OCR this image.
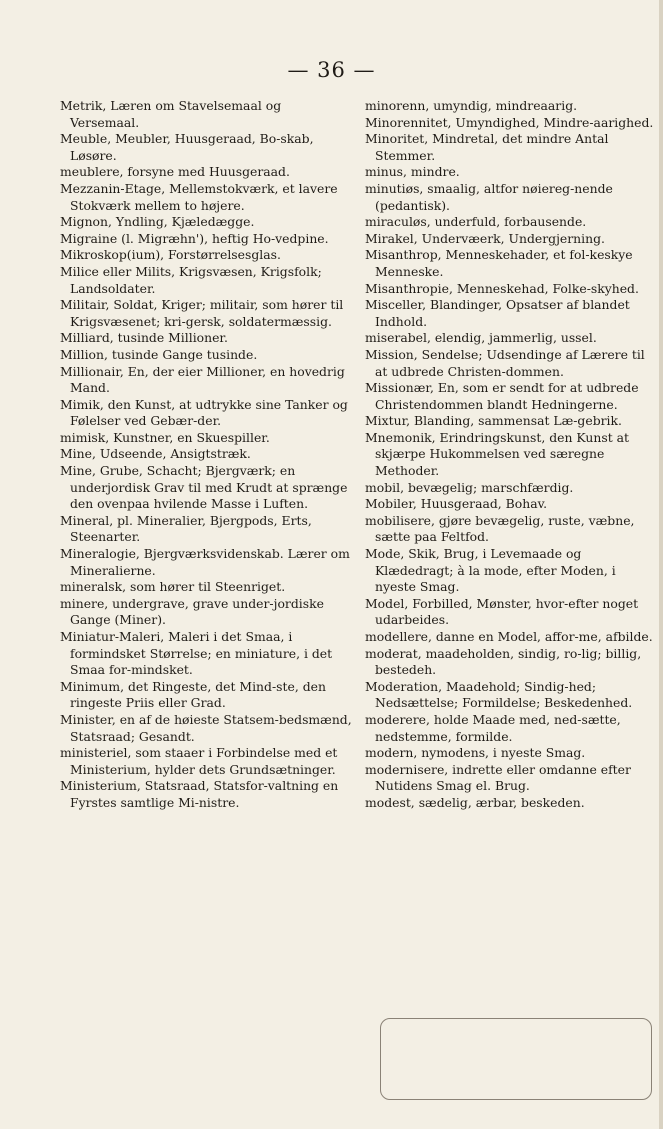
— 36 —

Metrik, Læren om Stavelsemaal og Versemaal.

Meuble, Meubler, Huusgeraad, Bo-skab, Løsøre.

meublere, forsyne med Huusgeraad.

Mezzanin-Etage, Mellemstokværk, et lavere Stokværk mellem to højere.

Mignon, Yndling, Kjæledægge.

Migraine (l. Migræhn'), heftig Ho-vedpine.

Mikroskop(ium), Forstørrelsesglas.

Milice eller Milits, Krigsvæsen, Krigsfolk; Landsoldater.

Militair, Soldat, Kriger; militair, som hører til Krigsvæsenet; kri-gersk, soldatermæssig.

Milliard, tusinde Millioner.

Million, tusinde Gange tusinde.

Millionair, En, der eier Millioner, en hovedrig Mand.

Mimik, den Kunst, at udtrykke sine Tanker og Følelser ved Gebær-der.

mimisk, Kunstner, en Skuespiller.

Mine, Udseende, Ansigtstræk.

Mine, Grube, Schacht; Bjergværk; en underjordisk Grav til med Krudt at sprænge den ovenpaa hvilende Masse i Luften.

Mineral, pl. Mineralier, Bjergpods, Erts, Steenarter.

Mineralogie, Bjergværksvidenskab. Lærer om Mineralierne.

mineralsk, som hører til Steenriget.

minere, undergrave, grave under-jordiske Gange (Miner).

Miniatur-Maleri, Maleri i det Smaa, i formindsket Størrelse; en miniature, i det Smaa for-mindsket.

Minimum, det Ringeste, det Mind-ste, den ringeste Priis eller Grad.

Minister, en af de høieste Statsem-bedsmænd, Statsraad; Gesandt.

ministeriel, som staaer i Forbindelse med et Ministerium, hylder dets Grundsætninger.

Ministerium, Statsraad, Statsfor-valtning en Fyrstes samtlige Mi-nistre.

minorenn, umyndig, mindreaarig.

Minorennitet, Umyndighed, Mindre-aarighed.

Minoritet, Mindretal, det mindre Antal Stemmer.

minus, mindre.

minutiøs, smaalig, altfor nøiereg-nende (pedantisk).

miraculøs, underfuld, forbausende.

Mirakel, Undervæerk, Undergjerning.

Misanthrop, Menneskehader, et fol-keskye Menneske.

Misanthropie, Menneskehad, Folke-skyhed.

Misceller, Blandinger, Opsatser af blandet Indhold.

miserabel, elendig, jammerlig, ussel.

Mission, Sendelse; Udsendinge af Lærere til at udbrede Christen-dommen.

Missionær, En, som er sendt for at udbrede Christendommen blandt Hedningerne.

Mixtur, Blanding, sammensat Læ-gebrik.

Mnemonik, Erindringskunst, den Kunst at skjærpe Hukommelsen ved særegne Methoder.

mobil, bevægelig; marschfærdig.

Mobiler, Huusgeraad, Bohav.

mobilisere, gjøre bevægelig, ruste, væbne, sætte paa Feltfod.

Mode, Skik, Brug, i Levemaade og Klædedragt; à la mode, efter Moden, i nyeste Smag.

Model, Forbilled, Mønster, hvor-efter noget udarbeides.

modellere, danne en Model, affor-me, afbilde.

moderat, maadeholden, sindig, ro-lig; billig, bestedeh.

Moderation, Maadehold; Sindig-hed; Nedsættelse; Formildelse; Beskedenhed.

moderere, holde Maade med, ned-sætte, nedstemme, formilde.

modern, nymodens, i nyeste Smag.

modernisere, indrette eller omdanne efter Nutidens Smag el. Brug.

modest, sædelig, ærbar, beskeden.
